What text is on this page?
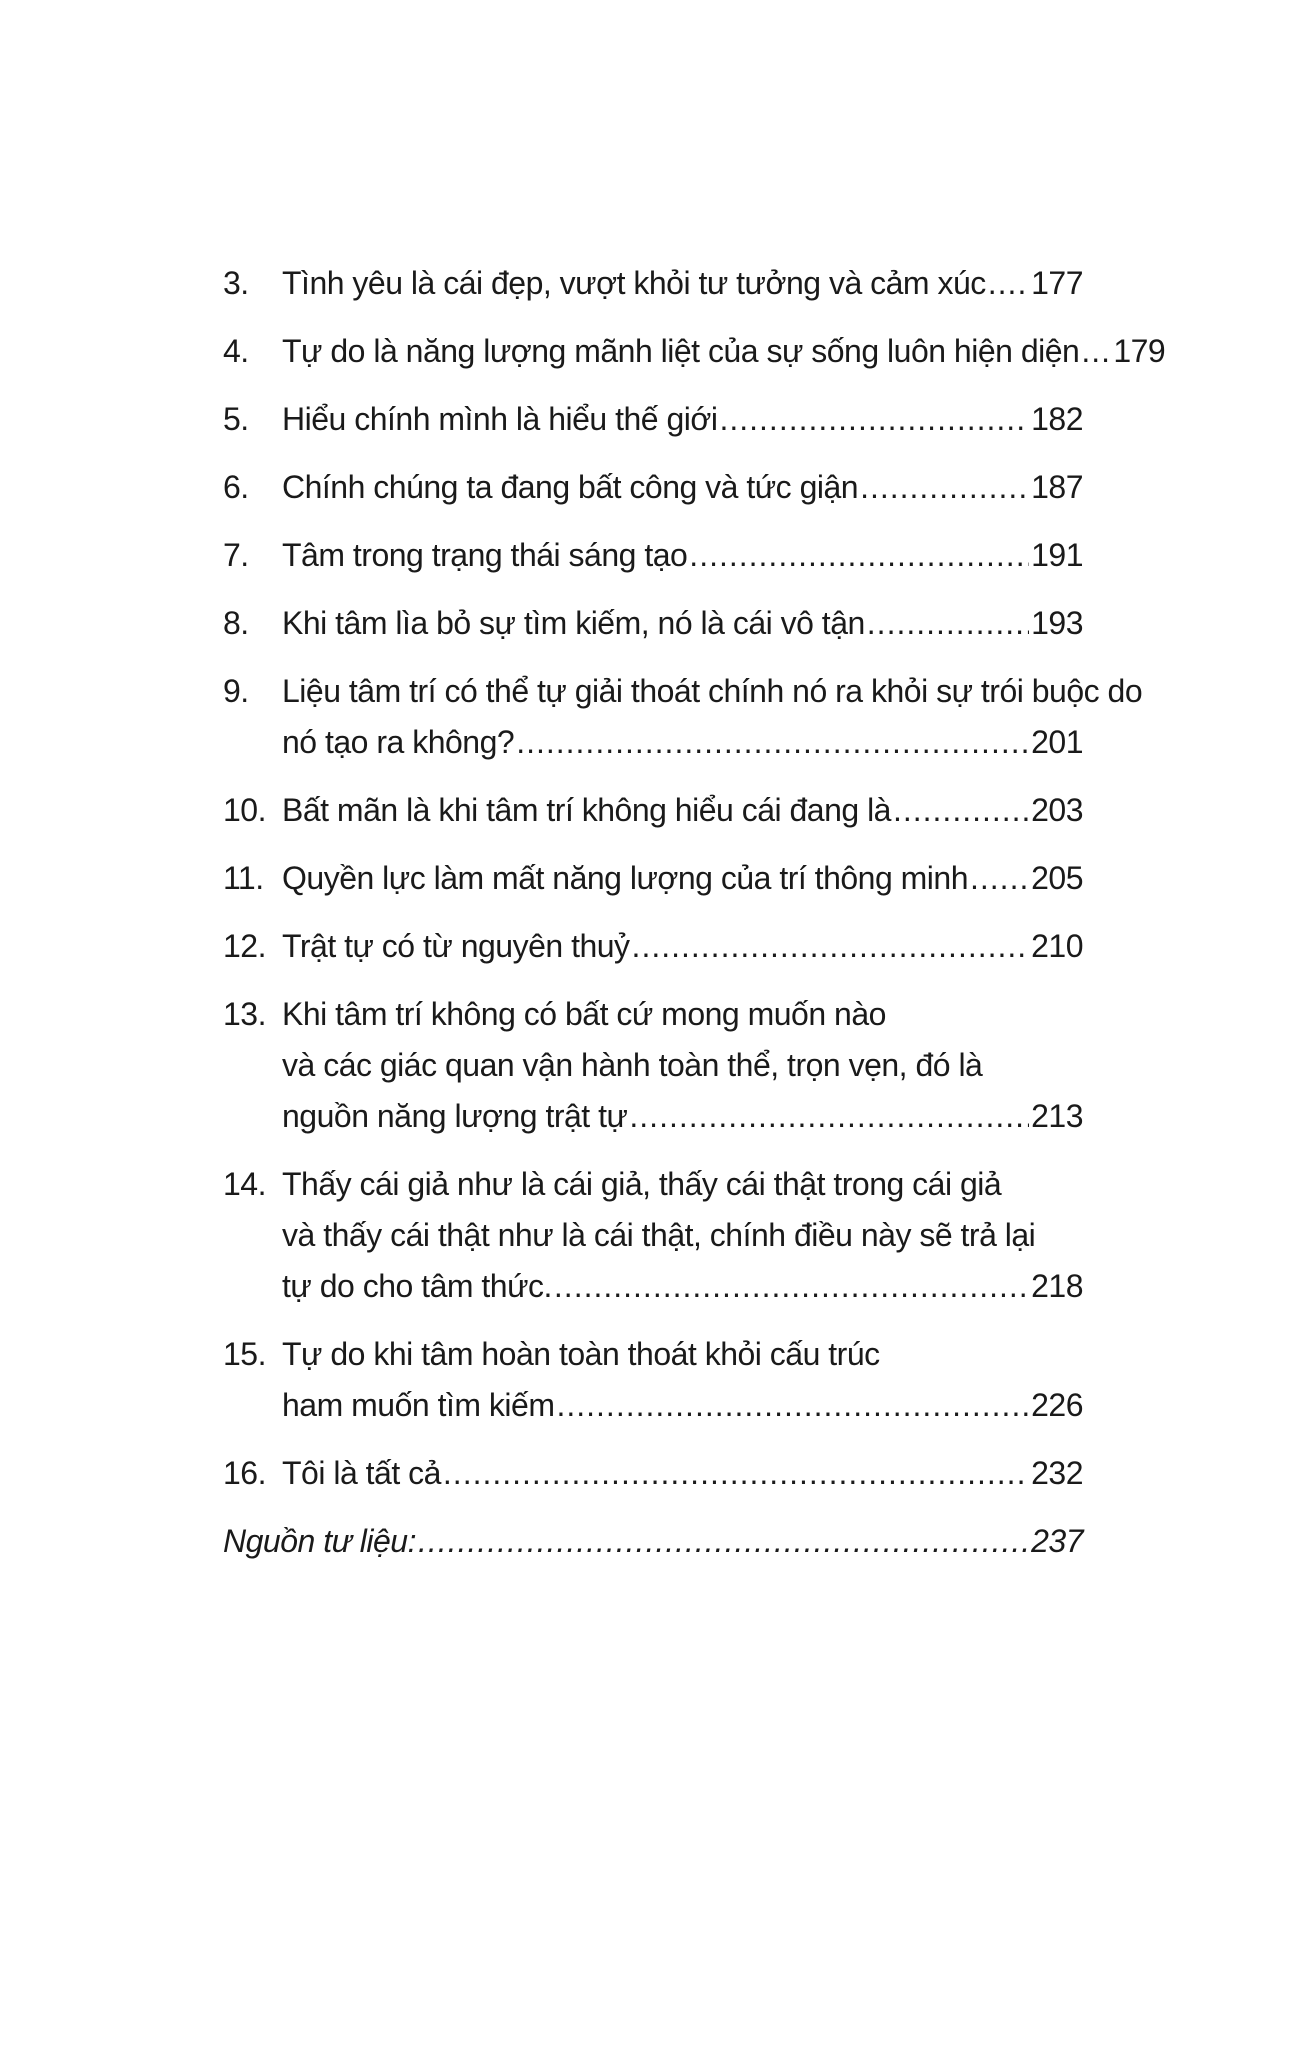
3.	Tình yêu là cái đẹp, vượt khỏi tư tưởng và cảm xúc ..... 177
4.	Tự do là năng lượng mãnh liệt của sự sống luôn hiện diện ..... 179
5.	Hiểu chính mình là hiểu thế giới .....	182
6.	Chính chúng ta đang bất công và tức giận .....	187
7.	Tâm trong trạng thái sáng tạo .....	191
8.	Khi tâm lìa bỏ sự tìm kiếm, nó là cái vô tận .....	193
9.	Liệu tâm trí có thể tự giải thoát chính nó ra khỏi sự trói buộc do
nó tạo ra không? .....	201
10. Bất mãn là khi tâm trí không hiểu cái đang là .....	203
11. Quyền lực làm mất năng lượng của trí thông minh ..... 205
12. Trật tự có từ nguyên thuỷ .....	210
13. Khi tâm trí không có bất cứ mong muốn nào
và các giác quan vận hành toàn thể, trọn vẹn, đó là
nguồn năng lượng trật tự .....	213
14. Thấy cái giả như là cái giả, thấy cái thật trong cái giả
và thấy cái thật như là cái thật, chính điều này sẽ trả lại
tự do cho tâm thức. .....	218
15. Tự do khi tâm hoàn toàn thoát khỏi cấu trúc
ham muốn tìm kiếm .....	226
16. Tôi là tất cả .....	232
Nguồn tư liệu: .....	237
